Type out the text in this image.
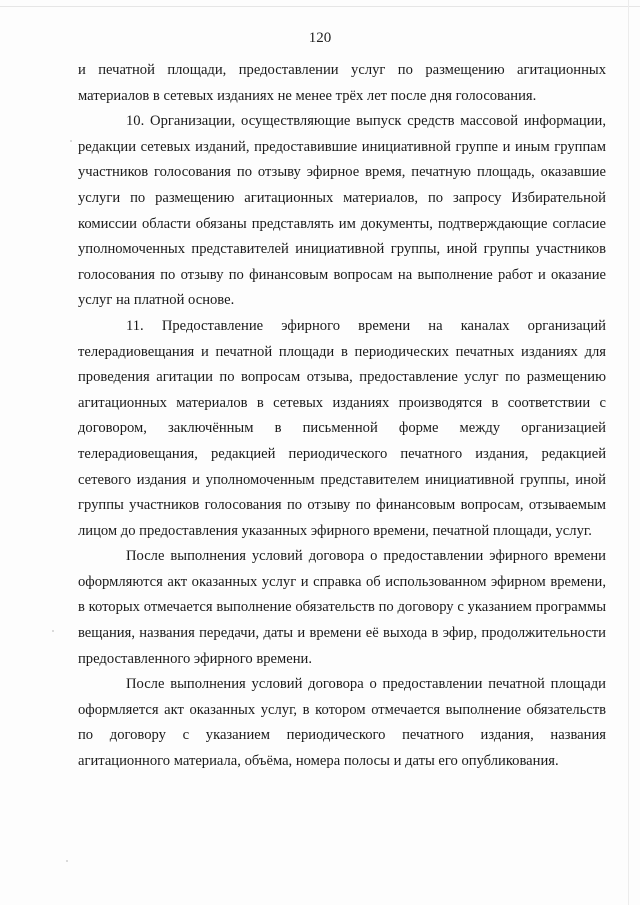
120

и печатной площади, предоставлении услуг по размещению агитационных материалов в сетевых изданиях не менее трёх лет после дня голосования.

10. Организации, осуществляющие выпуск средств массовой информации, редакции сетевых изданий, предоставившие инициативной группе и иным группам участников голосования по отзыву эфирное время, печатную площадь, оказавшие услуги по размещению агитационных материалов, по запросу Избирательной комиссии области обязаны представлять им документы, подтверждающие согласие уполномоченных представителей инициативной группы, иной группы участников голосования по отзыву по финансовым вопросам на выполнение работ и оказание услуг на платной основе.

11. Предоставление эфирного времени на каналах организаций телерадиовещания и печатной площади в периодических печатных изданиях для проведения агитации по вопросам отзыва, предоставление услуг по размещению агитационных материалов в сетевых изданиях производятся в соответствии с договором, заключённым в письменной форме между организацией телерадиовещания, редакцией периодического печатного издания, редакцией сетевого издания и уполномоченным представителем инициативной группы, иной группы участников голосования по отзыву по финансовым вопросам, отзываемым лицом до предоставления указанных эфирного времени, печатной площади, услуг.

После выполнения условий договора о предоставлении эфирного времени оформляются акт оказанных услуг и справка об использованном эфирном времени, в которых отмечается выполнение обязательств по договору с указанием программы вещания, названия передачи, даты и времени её выхода в эфир, продолжительности предоставленного эфирного времени.

После выполнения условий договора о предоставлении печатной площади оформляется акт оказанных услуг, в котором отмечается выполнение обязательств по договору с указанием периодического печатного издания, названия агитационного материала, объёма, номера полосы и даты его опубликования.
